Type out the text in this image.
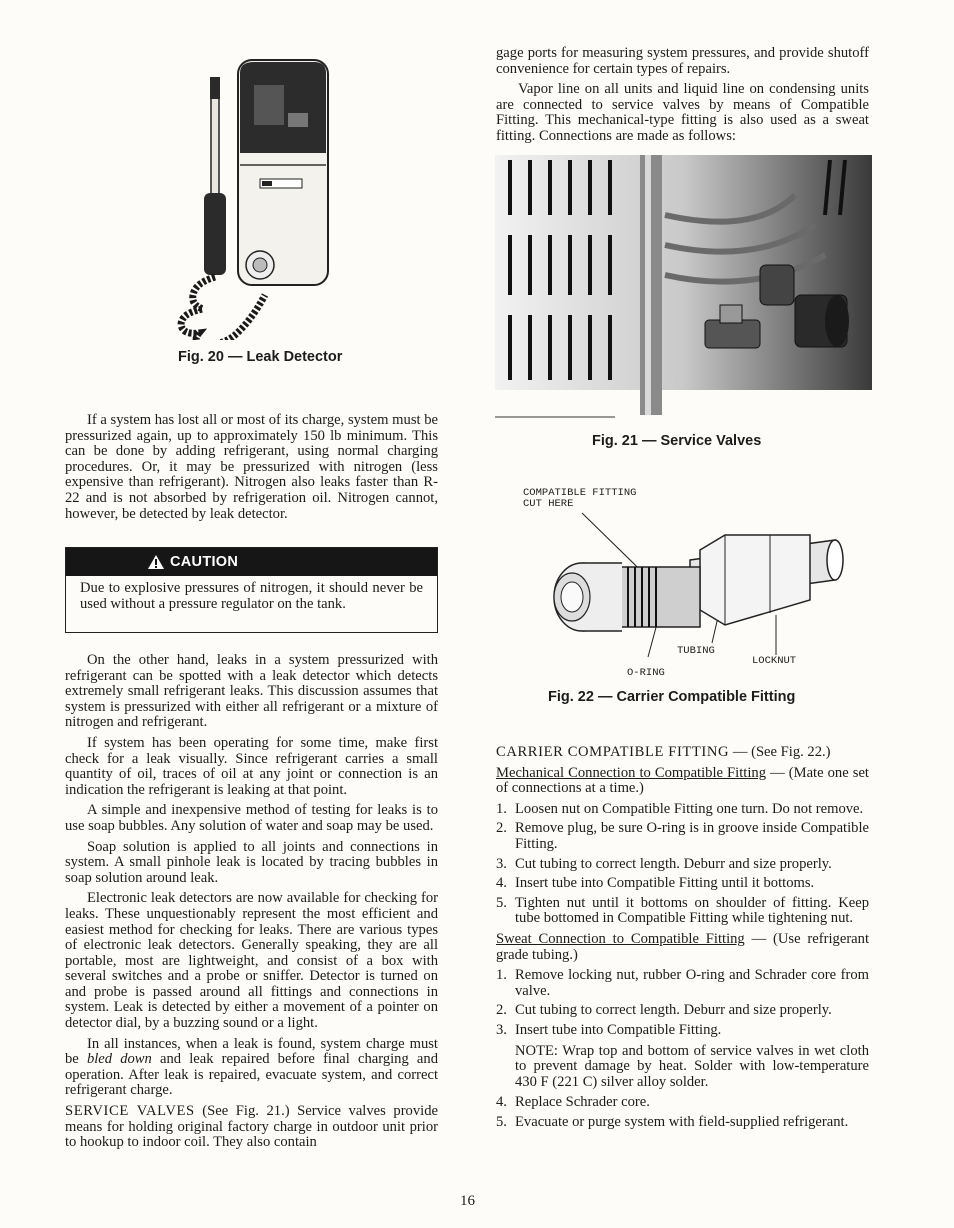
Fig. 20 — Leak Detector

If a system has lost all or most of its charge, system must be pressurized again, up to approximately 150 lb minimum. This can be done by adding refrigerant, using normal charging procedures. Or, it may be pressurized with nitrogen (less expensive than refrigerant). Nitrogen also leaks faster than R-22 and is not absorbed by refrigeration oil. Nitrogen cannot, however, be detected by leak detector.

CAUTION
Due to explosive pressures of nitrogen, it should never be used without a pressure regulator on the tank.

On the other hand, leaks in a system pressurized with refrigerant can be spotted with a leak detector which detects extremely small refrigerant leaks. This discussion assumes that system is pressurized with either all refrigerant or a mixture of nitrogen and refrigerant.

If system has been operating for some time, make first check for a leak visually. Since refrigerant carries a small quantity of oil, traces of oil at any joint or connection is an indication the refrigerant is leaking at that point.

A simple and inexpensive method of testing for leaks is to use soap bubbles. Any solution of water and soap may be used.

Soap solution is applied to all joints and connections in system. A small pinhole leak is located by tracing bubbles in soap solution around leak.

Electronic leak detectors are now available for checking for leaks. These unquestionably represent the most efficient and easiest method for checking for leaks. There are various types of electronic leak detectors. Generally speaking, they are all portable, most are lightweight, and consist of a box with several switches and a probe or sniffer. Detector is turned on and probe is passed around all fittings and connections in system. Leak is detected by either a movement of a pointer on detector dial, by a buzzing sound or a light.

In all instances, when a leak is found, system charge must be bled down and leak repaired before final charging and operation. After leak is repaired, evacuate system, and correct refrigerant charge.

SERVICE VALVES (See Fig. 21.) Service valves provide means for holding original factory charge in outdoor unit prior to hookup to indoor coil. They also contain

gage ports for measuring system pressures, and provide shutoff convenience for certain types of repairs.

Vapor line on all units and liquid line on condensing units are connected to service valves by means of Compatible Fitting. This mechanical-type fitting is also used as a sweat fitting. Connections are made as follows:

Fig. 21 — Service Valves
COMPATIBLE FITTING
CUT HERE
TUBING
LOCKNUT
O-RING
Fig. 22 — Carrier Compatible Fitting

CARRIER COMPATIBLE FITTING — (See Fig. 22.)

Mechanical Connection to Compatible Fitting — (Mate one set of connections at a time.)

1. Loosen nut on Compatible Fitting one turn. Do not remove.
2. Remove plug, be sure O-ring is in groove inside Compatible Fitting.
3. Cut tubing to correct length. Deburr and size properly.
4. Insert tube into Compatible Fitting until it bottoms.
5. Tighten nut until it bottoms on shoulder of fitting. Keep tube bottomed in Compatible Fitting while tightening nut.

Sweat Connection to Compatible Fitting — (Use refrigerant grade tubing.)

1. Remove locking nut, rubber O-ring and Schrader core from valve.
2. Cut tubing to correct length. Deburr and size properly.
3. Insert tube into Compatible Fitting.

NOTE: Wrap top and bottom of service valves in wet cloth to prevent damage by heat. Solder with low-temperature 430 F (221 C) silver alloy solder.

4. Replace Schrader core.
5. Evacuate or purge system with field-supplied refrigerant.
16
